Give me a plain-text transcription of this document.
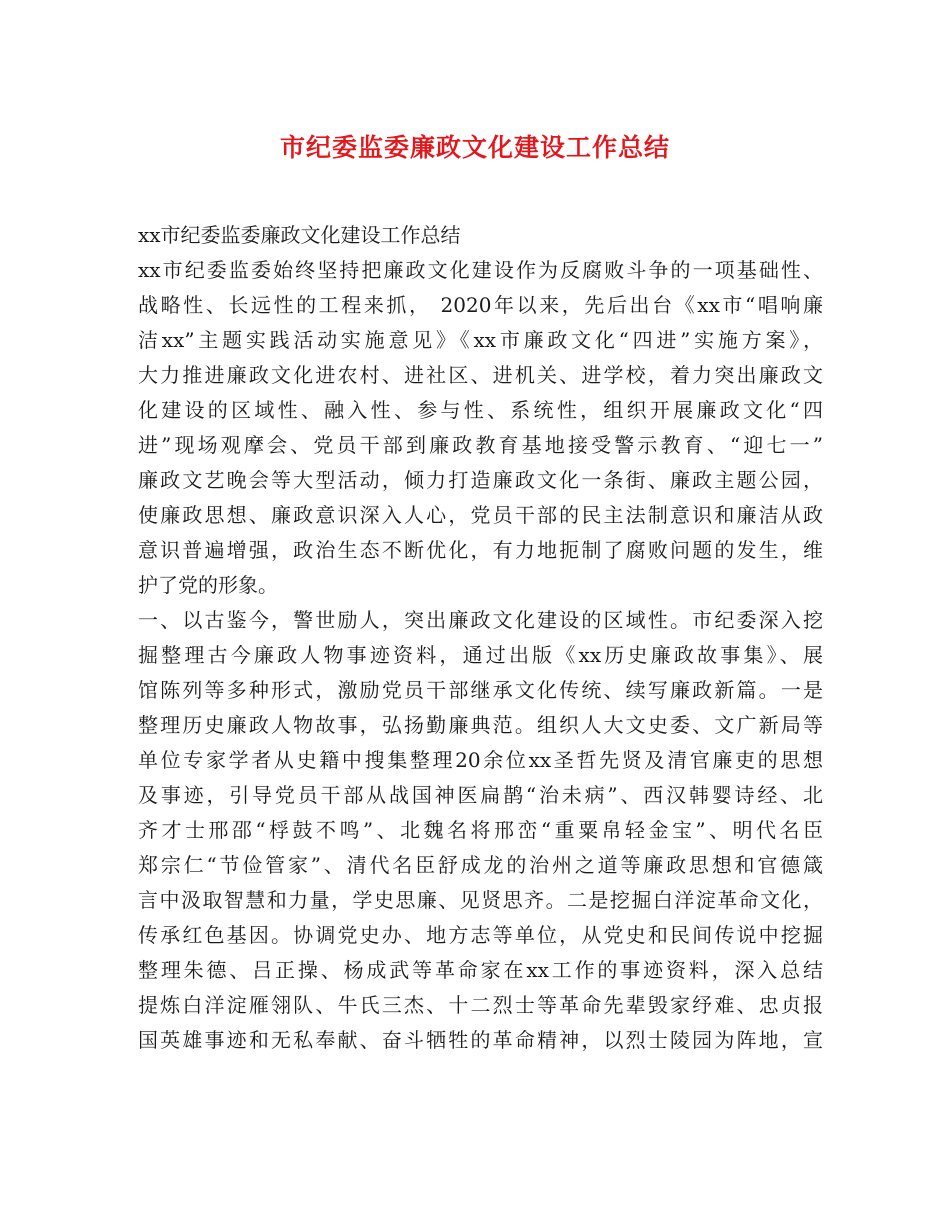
市纪委监委廉政文化建设工作总结
xx市纪委监委廉政文化建设工作总结
xx市纪委监委始终坚持把廉政文化建设作为反腐败斗争的一项基础性、
战略性、长远性的工程来抓， 2020年以来，先后出台《xx市“唱响廉
洁xx”主题实践活动实施意见》《xx市廉政文化“四进”实施方案》，
大力推进廉政文化进农村、进社区、进机关、进学校，着力突出廉政文
化建设的区域性、融入性、参与性、系统性，组织开展廉政文化“四
进”现场观摩会、党员干部到廉政教育基地接受警示教育、“迎七一”
廉政文艺晚会等大型活动，倾力打造廉政文化一条街、廉政主题公园，
使廉政思想、廉政意识深入人心，党员干部的民主法制意识和廉洁从政
意识普遍增强，政治生态不断优化，有力地扼制了腐败问题的发生，维
护了党的形象。
一、以古鉴今，警世励人，突出廉政文化建设的区域性。市纪委深入挖
掘整理古今廉政人物事迹资料，通过出版《xx历史廉政故事集》、展
馆陈列等多种形式，激励党员干部继承文化传统、续写廉政新篇。一是
整理历史廉政人物故事，弘扬勤廉典范。组织人大文史委、文广新局等
单位专家学者从史籍中搜集整理20余位xx圣哲先贤及清官廉吏的思想
及事迹，引导党员干部从战国神医扁鹊“治未病”、西汉韩婴诗经、北
齐才士邢邵“桴鼓不鸣”、北魏名将邢峦“重粟帛轻金宝”、明代名臣
郑宗仁“节俭管家”、清代名臣舒成龙的治州之道等廉政思想和官德箴
言中汲取智慧和力量，学史思廉、见贤思齐。二是挖掘白洋淀革命文化，
传承红色基因。协调党史办、地方志等单位，从党史和民间传说中挖掘
整理朱德、吕正操、杨成武等革命家在xx工作的事迹资料，深入总结
提炼白洋淀雁翎队、牛氏三杰、十二烈士等革命先辈毁家纾难、忠贞报
国英雄事迹和无私奉献、奋斗牺牲的革命精神，以烈士陵园为阵地，宣
